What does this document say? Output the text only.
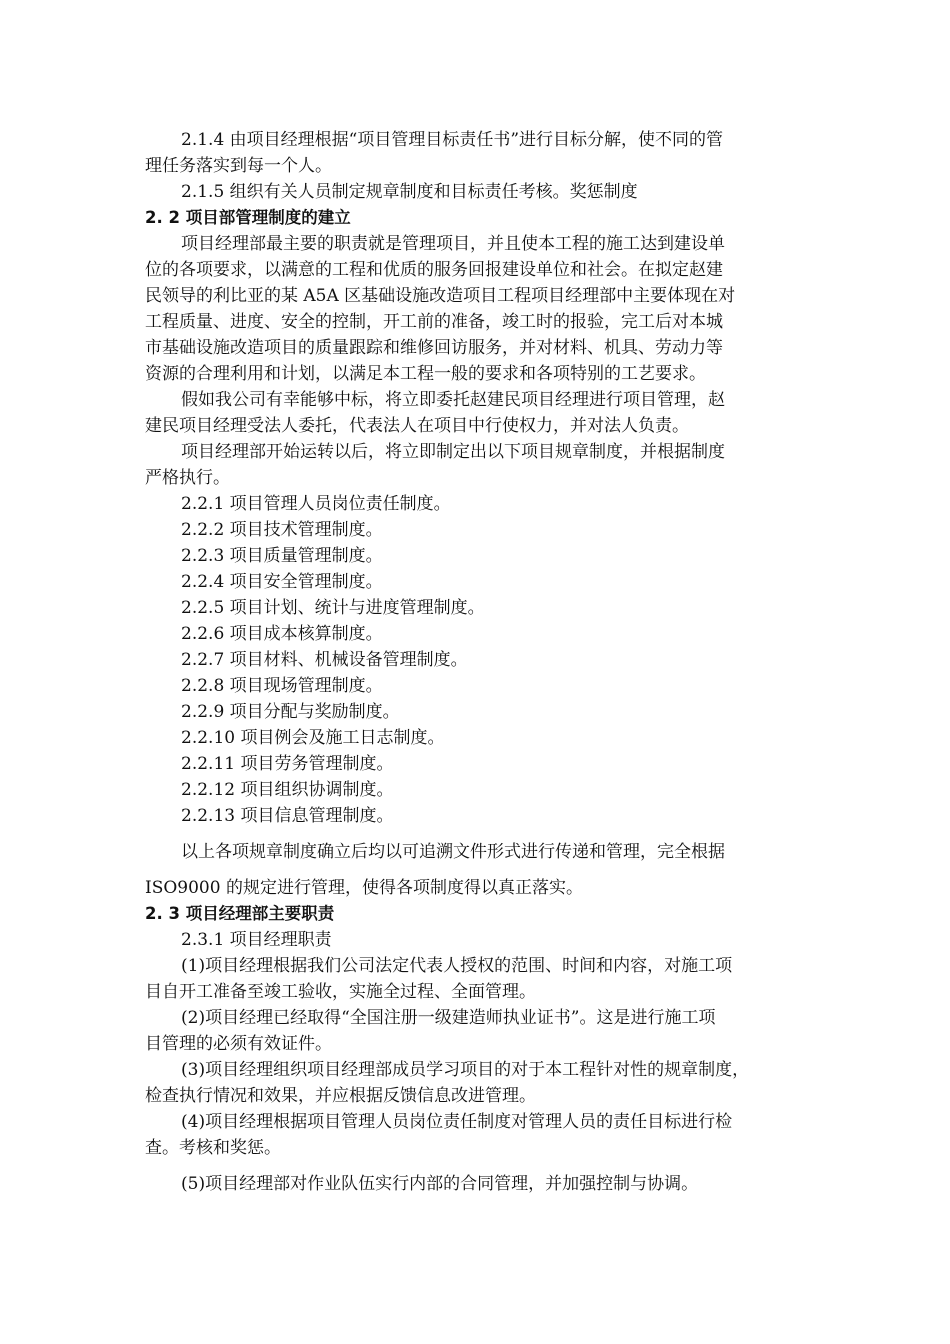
2.1.4 由项目经理根据“项目管理目标责任书”进行目标分解，使不同的管
理任务落实到每一个人。
2.1.5 组织有关人员制定规章制度和目标责任考核。奖惩制度
2. 2 项目部管理制度的建立
项目经理部最主要的职责就是管理项目，并且使本工程的施工达到建设单
位的各项要求，以满意的工程和优质的服务回报建设单位和社会。在拟定赵建
民领导的利比亚的某 A5A 区基础设施改造项目工程项目经理部中主要体现在对
工程质量、进度、安全的控制，开工前的准备，竣工时的报验，完工后对本城
市基础设施改造项目的质量跟踪和维修回访服务，并对材料、机具、劳动力等
资源的合理利用和计划，以满足本工程一般的要求和各项特别的工艺要求。
假如我公司有幸能够中标，将立即委托赵建民项目经理进行项目管理，赵
建民项目经理受法人委托，代表法人在项目中行使权力，并对法人负责。
项目经理部开始运转以后，将立即制定出以下项目规章制度，并根据制度
严格执行。
2.2.1 项目管理人员岗位责任制度。
2.2.2 项目技术管理制度。
2.2.3 项目质量管理制度。
2.2.4 项目安全管理制度。
2.2.5 项目计划、统计与进度管理制度。
2.2.6 项目成本核算制度。
2.2.7 项目材料、机械设备管理制度。
2.2.8 项目现场管理制度。
2.2.9 项目分配与奖励制度。
2.2.10 项目例会及施工日志制度。
2.2.11 项目劳务管理制度。
2.2.12 项目组织协调制度。
2.2.13 项目信息管理制度。
以上各项规章制度确立后均以可追溯文件形式进行传递和管理，完全根据
ISO9000 的规定进行管理，使得各项制度得以真正落实。
2. 3 项目经理部主要职责
2.3.1 项目经理职责
(1)项目经理根据我们公司法定代表人授权的范围、时间和内容，对施工项
目自开工准备至竣工验收，实施全过程、全面管理。
(2)项目经理已经取得“全国注册一级建造师执业证书”。这是进行施工项
目管理的必须有效证件。
(3)项目经理组织项目经理部成员学习项目的对于本工程针对性的规章制度，
检查执行情况和效果，并应根据反馈信息改进管理。
(4)项目经理根据项目管理人员岗位责任制度对管理人员的责任目标进行检
查。考核和奖惩。
(5)项目经理部对作业队伍实行内部的合同管理，并加强控制与协调。
